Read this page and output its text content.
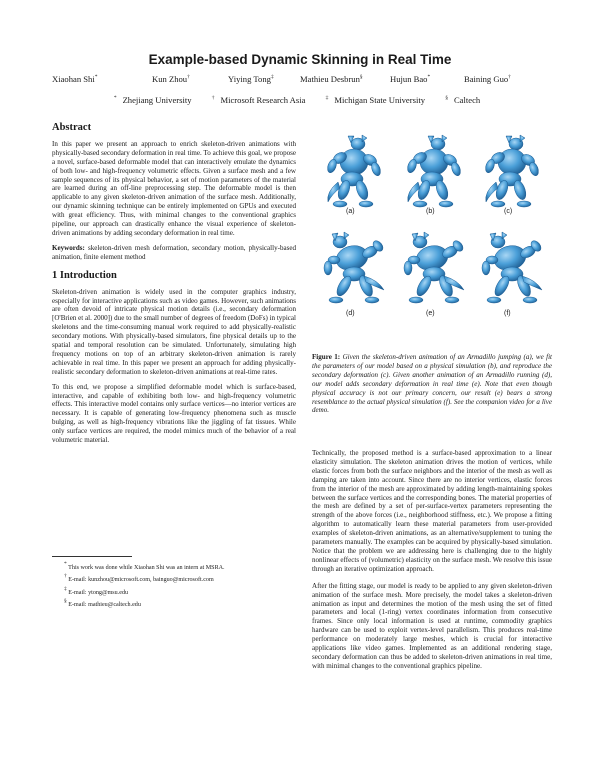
Example-based Dynamic Skinning in Real Time
Xiaohan Shi*	Kun Zhou†	Yiying Tong‡	Mathieu Desbrun§	Hujun Bao*	Baining Guo†
* Zhejiang University	† Microsoft Research Asia	‡ Michigan State University	§ Caltech
Abstract

In this paper we present an approach to enrich skeleton-driven animations with physically-based secondary deformation in real time. To achieve this goal, we propose a novel, surface-based deformable model that can interactively emulate the dynamics of both low- and high-frequency volumetric effects. Given a surface mesh and a few sample sequences of its physical behavior, a set of motion parameters of the material are learned during an off-line preprocessing step. The deformable model is then applicable to any given skeleton-driven animation of the surface mesh. Additionally, our dynamic skinning technique can be entirely implemented on GPUs and executed with great efficiency. Thus, with minimal changes to the conventional graphics pipeline, our approach can drastically enhance the visual experience of skeleton-driven animations by adding secondary deformation in real time.

Keywords: skeleton-driven mesh deformation, secondary motion, physically-based animation, finite element method

1 Introduction

Skeleton-driven animation is widely used in the computer graphics industry, especially for interactive applications such as video games. However, such animations are often devoid of intricate physical motion details (i.e., secondary deformation [O'Brien et al. 2000]) due to the small number of degrees of freedom (DoFs) in typical skeletons and the time-consuming manual work required to add physically-realistic secondary motions. With physically-based simulators, fine physical details up to the spatial and temporal resolution can be simulated. Unfortunately, simulating high frequency motions on top of an arbitrary skeleton-driven animation is rarely achievable in real time. In this paper we present an approach for adding physically-realistic secondary deformation to skeleton-driven animations at real-time rates.

To this end, we propose a simplified deformable model which is surface-based, interactive, and capable of exhibiting both low- and high-frequency volumetric effects. This interactive model contains only surface vertices—no interior vertices are necessary. It is capable of generating low-frequency phenomena such as muscle bulging, as well as high-frequency vibrations like the jiggling of fat tissues. While only surface vertices are required, the model mimics much of the behavior of a real volumetric material.

* This work was done while Xiaohan Shi was an intern at MSRA.
† E-mail: kunzhou@microsoft.com, bainguo@microsoft.com
‡ E-mail: ytong@msu.edu
§ E-mail: mathieu@caltech.edu
(a)	(b)	(c)
(d)	(e)	(f)
Figure 1: Given the skeleton-driven animation of an Armadillo jumping (a), we fit the parameters of our model based on a physical simulation (b), and reproduce the secondary deformation (c). Given another animation of an Armadillo running (d), our model adds secondary deformation in real time (e). Note that even though physical accuracy is not our primary concern, our result (e) bears a strong resemblance to the actual physical simulation (f). See the companion video for a live demo.

Technically, the proposed method is a surface-based approximation to a linear elasticity simulation. The skeleton animation drives the motion of vertices, while elastic forces from both the surface neighbors and the interior of the mesh as well as damping are taken into account. Since there are no interior vertices, elastic forces from the interior of the mesh are approximated by adding length-maintaining spokes between the surface vertices and the corresponding bones. The material properties of the mesh are defined by a set of per-surface-vertex parameters representing the strength of the above forces (i.e., neighborhood stiffness, etc.). We propose a fitting algorithm to automatically learn these material parameters from user-provided examples of skeleton-driven animations, as an alternative/supplement to tuning the parameters manually. The examples can be acquired by physically-based simulation. Notice that the problem we are addressing here is challenging due to the highly nonlinear effects of (volumetric) elasticity on the surface mesh. We resolve this issue through an iterative optimization approach.

After the fitting stage, our model is ready to be applied to any given skeleton-driven animation of the surface mesh. More precisely, the model takes a skeleton-driven animation as input and determines the motion of the mesh using the set of fitted parameters and local (1-ring) vertex coordinates information from consecutive frames. Since only local information is used at runtime, commodity graphics hardware can be used to exploit vertex-level parallelism. This produces real-time performance on moderately large meshes, which is crucial for interactive applications like video games. Implemented as an additional rendering stage, secondary deformation can thus be added to skeleton-driven animations in real time, with minimal changes to the conventional graphics pipeline.
